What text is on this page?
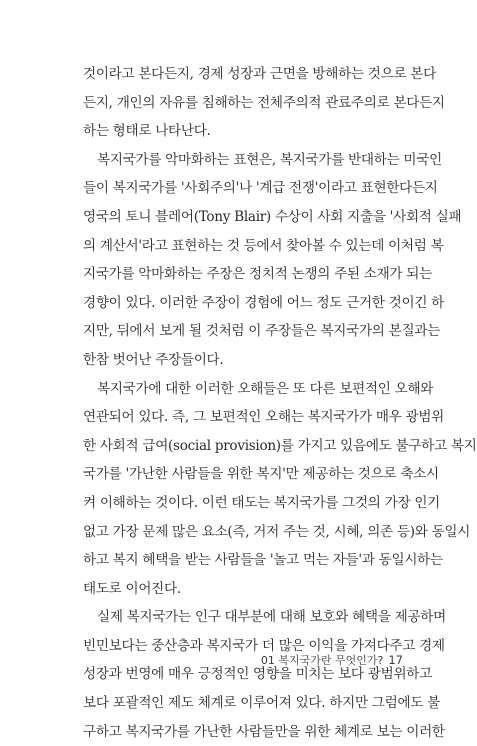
것이라고 본다든지, 경제 성장과 근면을 방해하는 것으로 본다
든지, 개인의 자유를 침해하는 전체주의적 관료주의로 본다든지
하는 형태로 나타난다.
복지국가를 악마화하는 표현은, 복지국가를 반대하는 미국인
들이 복지국가를 '사회주의'나 '계급 전쟁'이라고 표현한다든지
영국의 토니 블레어(Tony Blair) 수상이 사회 지출을 '사회적 실패
의 계산서'라고 표현하는 것 등에서 찾아볼 수 있는데 이처럼 복
지국가를 악마화하는 주장은 정치적 논쟁의 주된 소재가 되는
경향이 있다. 이러한 주장이 경험에 어느 정도 근거한 것이긴 하
지만, 뒤에서 보게 될 것처럼 이 주장들은 복지국가의 본질과는
한참 벗어난 주장들이다.
복지국가에 대한 이러한 오해들은 또 다른 보편적인 오해와
연관되어 있다. 즉, 그 보편적인 오해는 복지국가가 매우 광범위
한 사회적 급여(social provision)를 가지고 있음에도 불구하고 복지
국가를 '가난한 사람들을 위한 복지'만 제공하는 것으로 축소시
켜 이해하는 것이다. 이런 태도는 복지국가를 그것의 가장 인기
없고 가장 문제 많은 요소(즉, 거저 주는 것, 시혜, 의존 등)와 동일시
하고 복지 혜택을 받는 사람들을 '놀고 먹는 자들'과 동일시하는
태도로 이어진다.
실제 복지국가는 인구 대부분에 대해 보호와 혜택을 제공하며
빈민보다는 중산층과 복지국가 더 많은 이익을 가져다주고 경제
성장과 번영에 매우 긍정적인 영향을 미치는 보다 광범위하고
보다 포괄적인 제도 체계로 이루어져 있다. 하지만 그럼에도 불
구하고 복지국가를 가난한 사람들만을 위한 체계로 보는 이러한
01 복지국가란 무엇인가? 17
